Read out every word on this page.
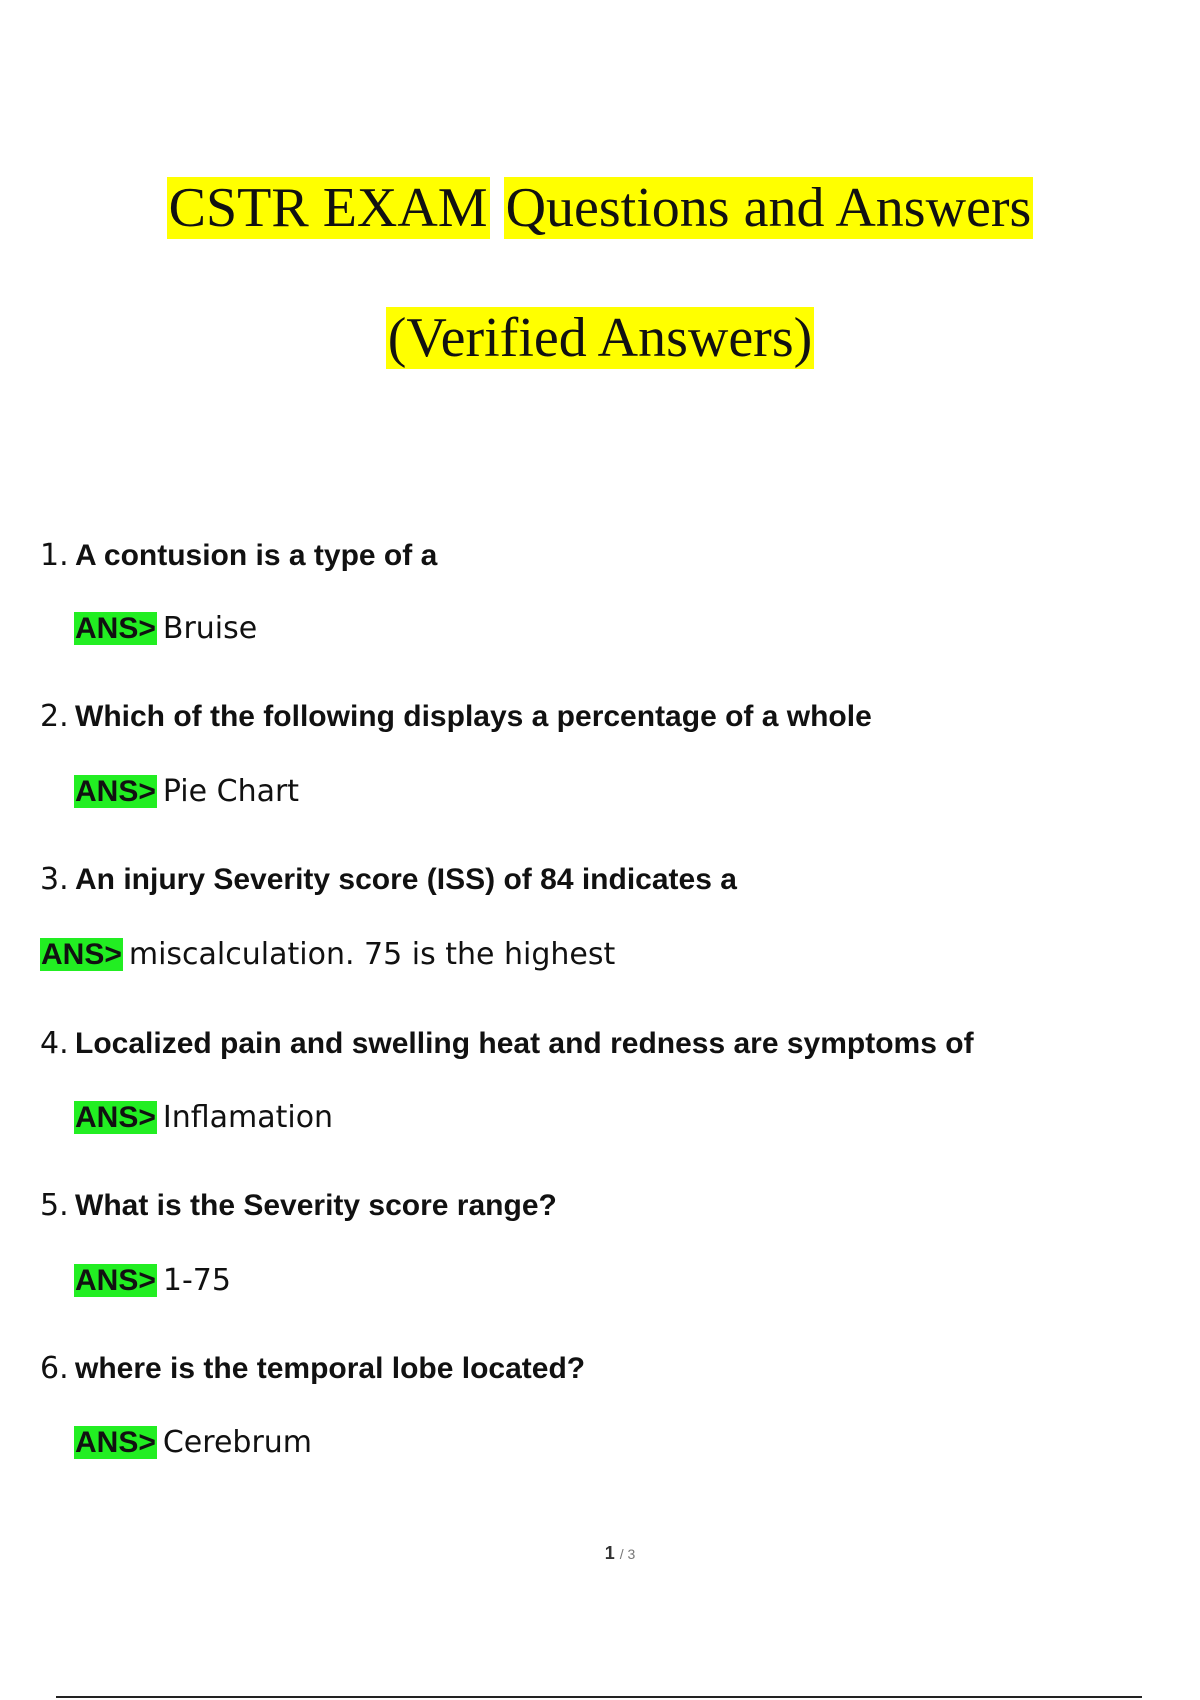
CSTR EXAM Questions and Answers
(Verified Answers)
1. A contusion is a type of a
ANS> Bruise
2. Which of the following displays a percentage of a whole
ANS> Pie Chart
3. An injury Severity score (ISS) of 84 indicates a
ANS> miscalculation. 75 is the highest
4. Localized pain and swelling heat and redness are symptoms of
ANS> Inflamation
5. What is the Severity score range?
ANS> 1-75
6. where is the temporal lobe located?
ANS> Cerebrum
1 / 3
